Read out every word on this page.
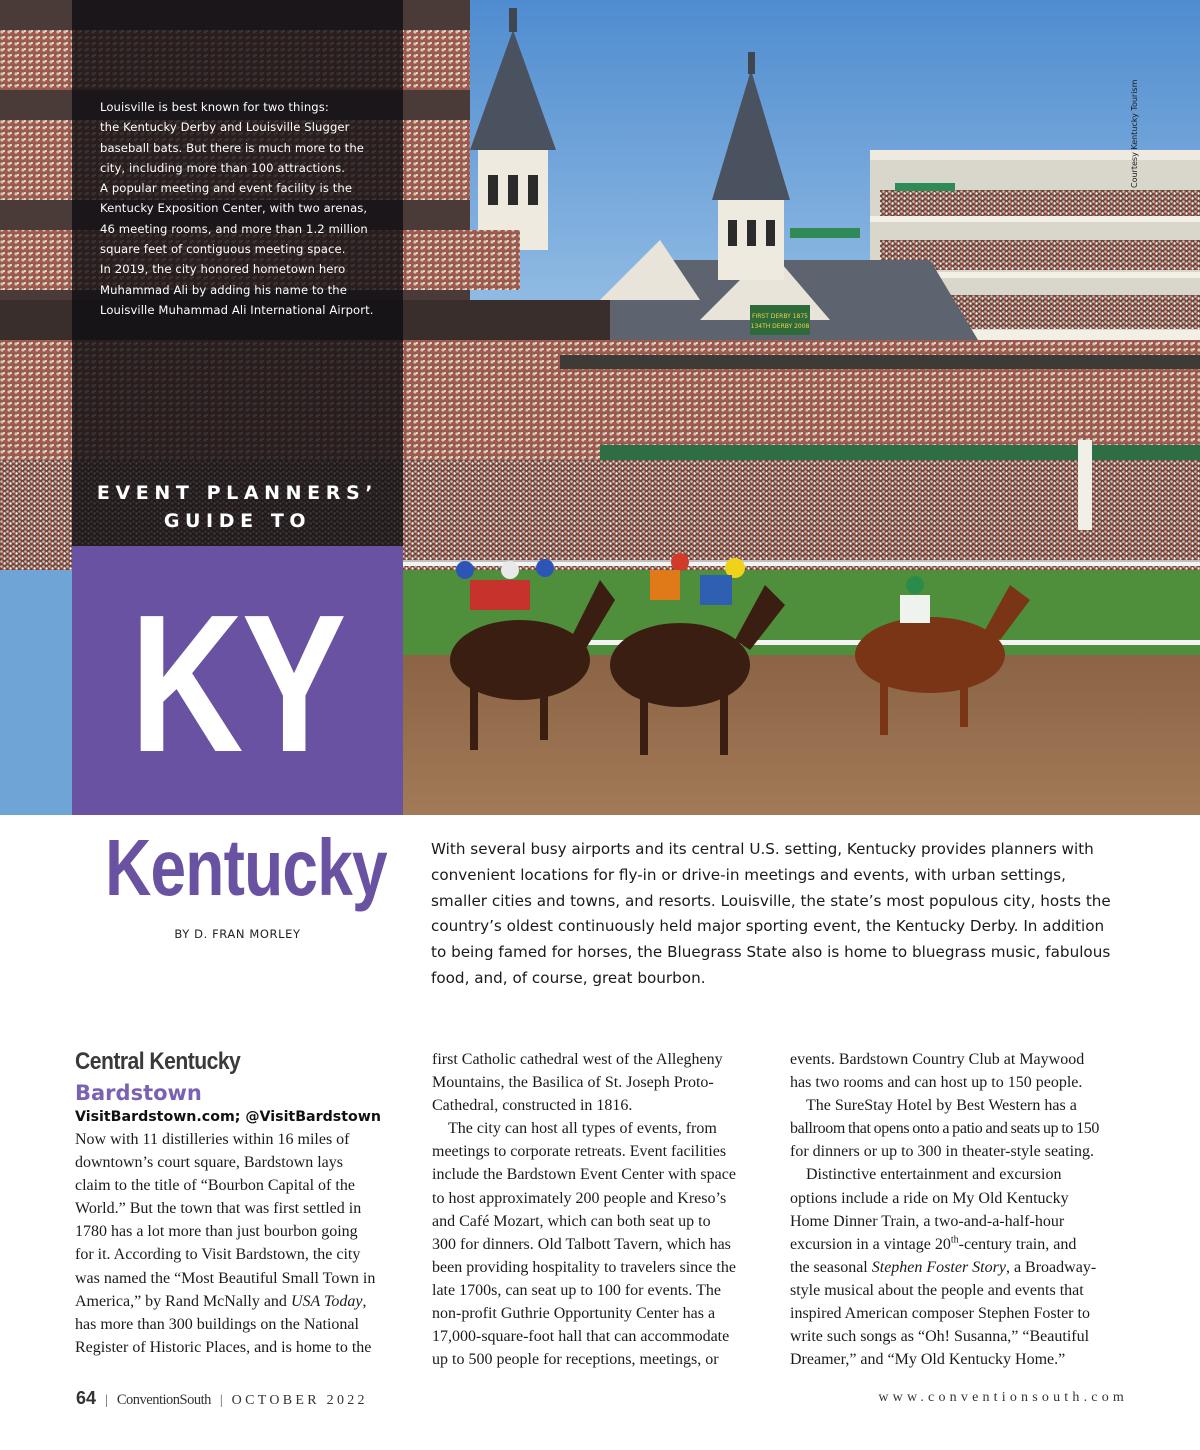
FIRST DERBY 1875
134TH DERBY 2008
Courtesy Kentucky Tourism
Louisville is best known for two things:
the Kentucky Derby and Louisville Slugger
baseball bats. But there is much more to the
city, including more than 100 attractions.
A popular meeting and event facility is the
Kentucky Exposition Center, with two arenas,
46 meeting rooms, and more than 1.2 million
square feet of contiguous meeting space.
In 2019, the city honored hometown hero
Muhammad Ali by adding his name to the
Louisville Muhammad Ali International Airport.
EVENT PLANNERS’
GUIDE TO
KY
Kentucky
BY D. FRAN MORLEY
With several busy airports and its central U.S. setting, Kentucky provides planners with
convenient locations for fly-in or drive-in meetings and events, with urban settings,
smaller cities and towns, and resorts. Louisville, the state’s most populous city, hosts the
country’s oldest continuously held major sporting event, the Kentucky Derby. In addition
to being famed for horses, the Bluegrass State also is home to bluegrass music, fabulous
food, and, of course, great bourbon.
Central Kentucky
Bardstown

VisitBardstown.com; @VisitBardstown

Now with 11 distilleries within 16 miles of
downtown’s court square, Bardstown lays
claim to the title of “Bourbon Capital of the
World.” But the town that was first settled in
1780 has a lot more than just bourbon going
for it. According to Visit Bardstown, the city
was named the “Most Beautiful Small Town in
America,” by Rand McNally and USA Today,
has more than 300 buildings on the National
Register of Historic Places, and is home to the

first Catholic cathedral west of the Allegheny
Mountains, the Basilica of St. Joseph Proto-
Cathedral, constructed in 1816.

The city can host all types of events, from
meetings to corporate retreats. Event facilities
include the Bardstown Event Center with space
to host approximately 200 people and Kreso’s
and Café Mozart, which can both seat up to
300 for dinners. Old Talbott Tavern, which has
been providing hospitality to travelers since the
late 1700s, can seat up to 100 for events. The
non-profit Guthrie Opportunity Center has a
17,000-square-foot hall that can accommodate
up to 500 people for receptions, meetings, or

events. Bardstown Country Club at Maywood
has two rooms and can host up to 150 people.

The SureStay Hotel by Best Western has a
ballroom that opens onto a patio and seats up to 150
for dinners or up to 300 in theater-style seating.

Distinctive entertainment and excursion
options include a ride on My Old Kentucky
Home Dinner Train, a two-and-a-half-hour
excursion in a vintage 20th-century train, and
the seasonal Stephen Foster Story, a Broadway-
style musical about the people and events that
inspired American composer Stephen Foster to
write such songs as “Oh! Susanna,” “Beautiful
Dreamer,” and “My Old Kentucky Home.”

64 | ConventionSouth | OCTOBER 2022	www.conventionsouth.com
